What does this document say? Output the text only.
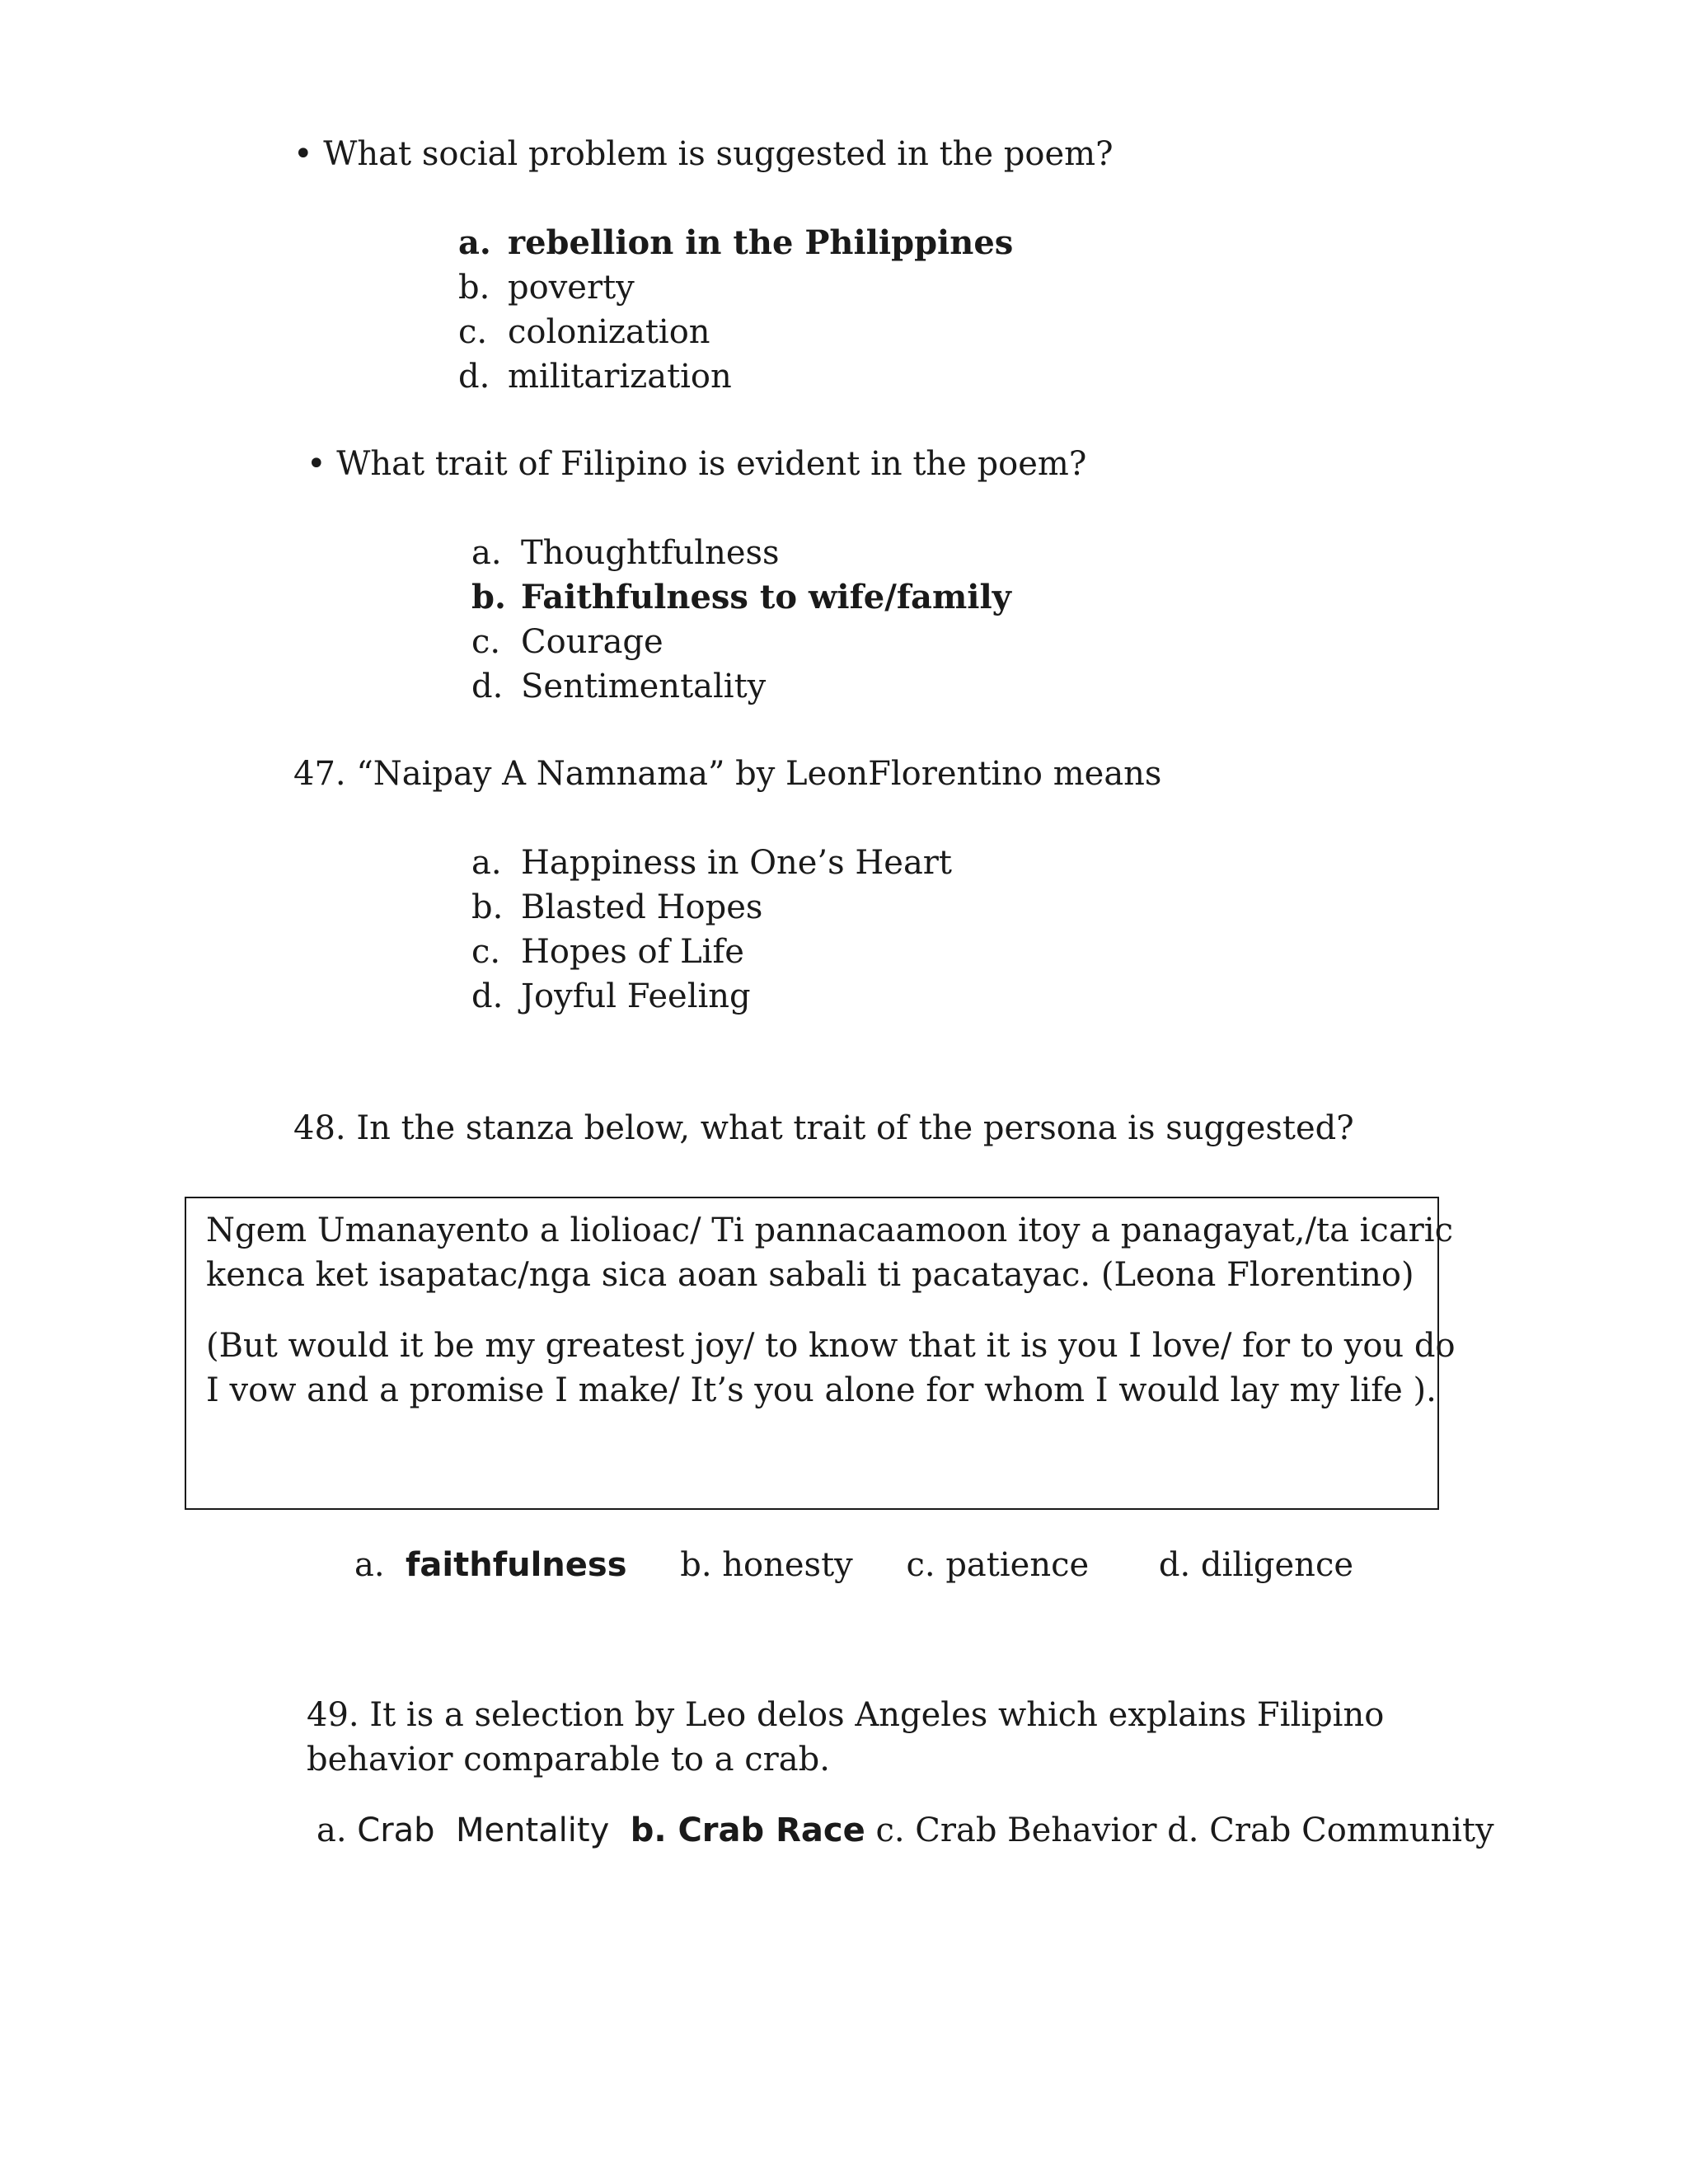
• What social problem is suggested in the poem?
a. rebellion in the Philippines
b. poverty
c. colonization
d. militarization
• What trait of Filipino is evident in the poem?
a. Thoughtfulness
b. Faithfulness to wife/family
c. Courage
d. Sentimentality
47. “Naipay A Namnama” by LeonFlorentino means
a. Happiness in One’s Heart
b. Blasted Hopes
c. Hopes of Life
d. Joyful Feeling
48. In the stanza below, what trait of the persona is suggested?
Ngem Umanayento a liolioac/ Ti pannacaamoon itoy a panagayat,/ta icaric
kenca ket isapatac/nga sica aoan sabali ti pacatayac. (Leona Florentino)
(But would it be my greatest joy/ to know that it is you I love/ for to you do
I vow and a promise I make/ It’s you alone for whom I would lay my life ).
a. faithfulness b. honesty c. patience d. diligence
49. It is a selection by Leo delos Angeles which explains Filipino
behavior comparable to a crab.
a. Crab  Mentality b. Crab Race c. Crab Behavior d. Crab Community
